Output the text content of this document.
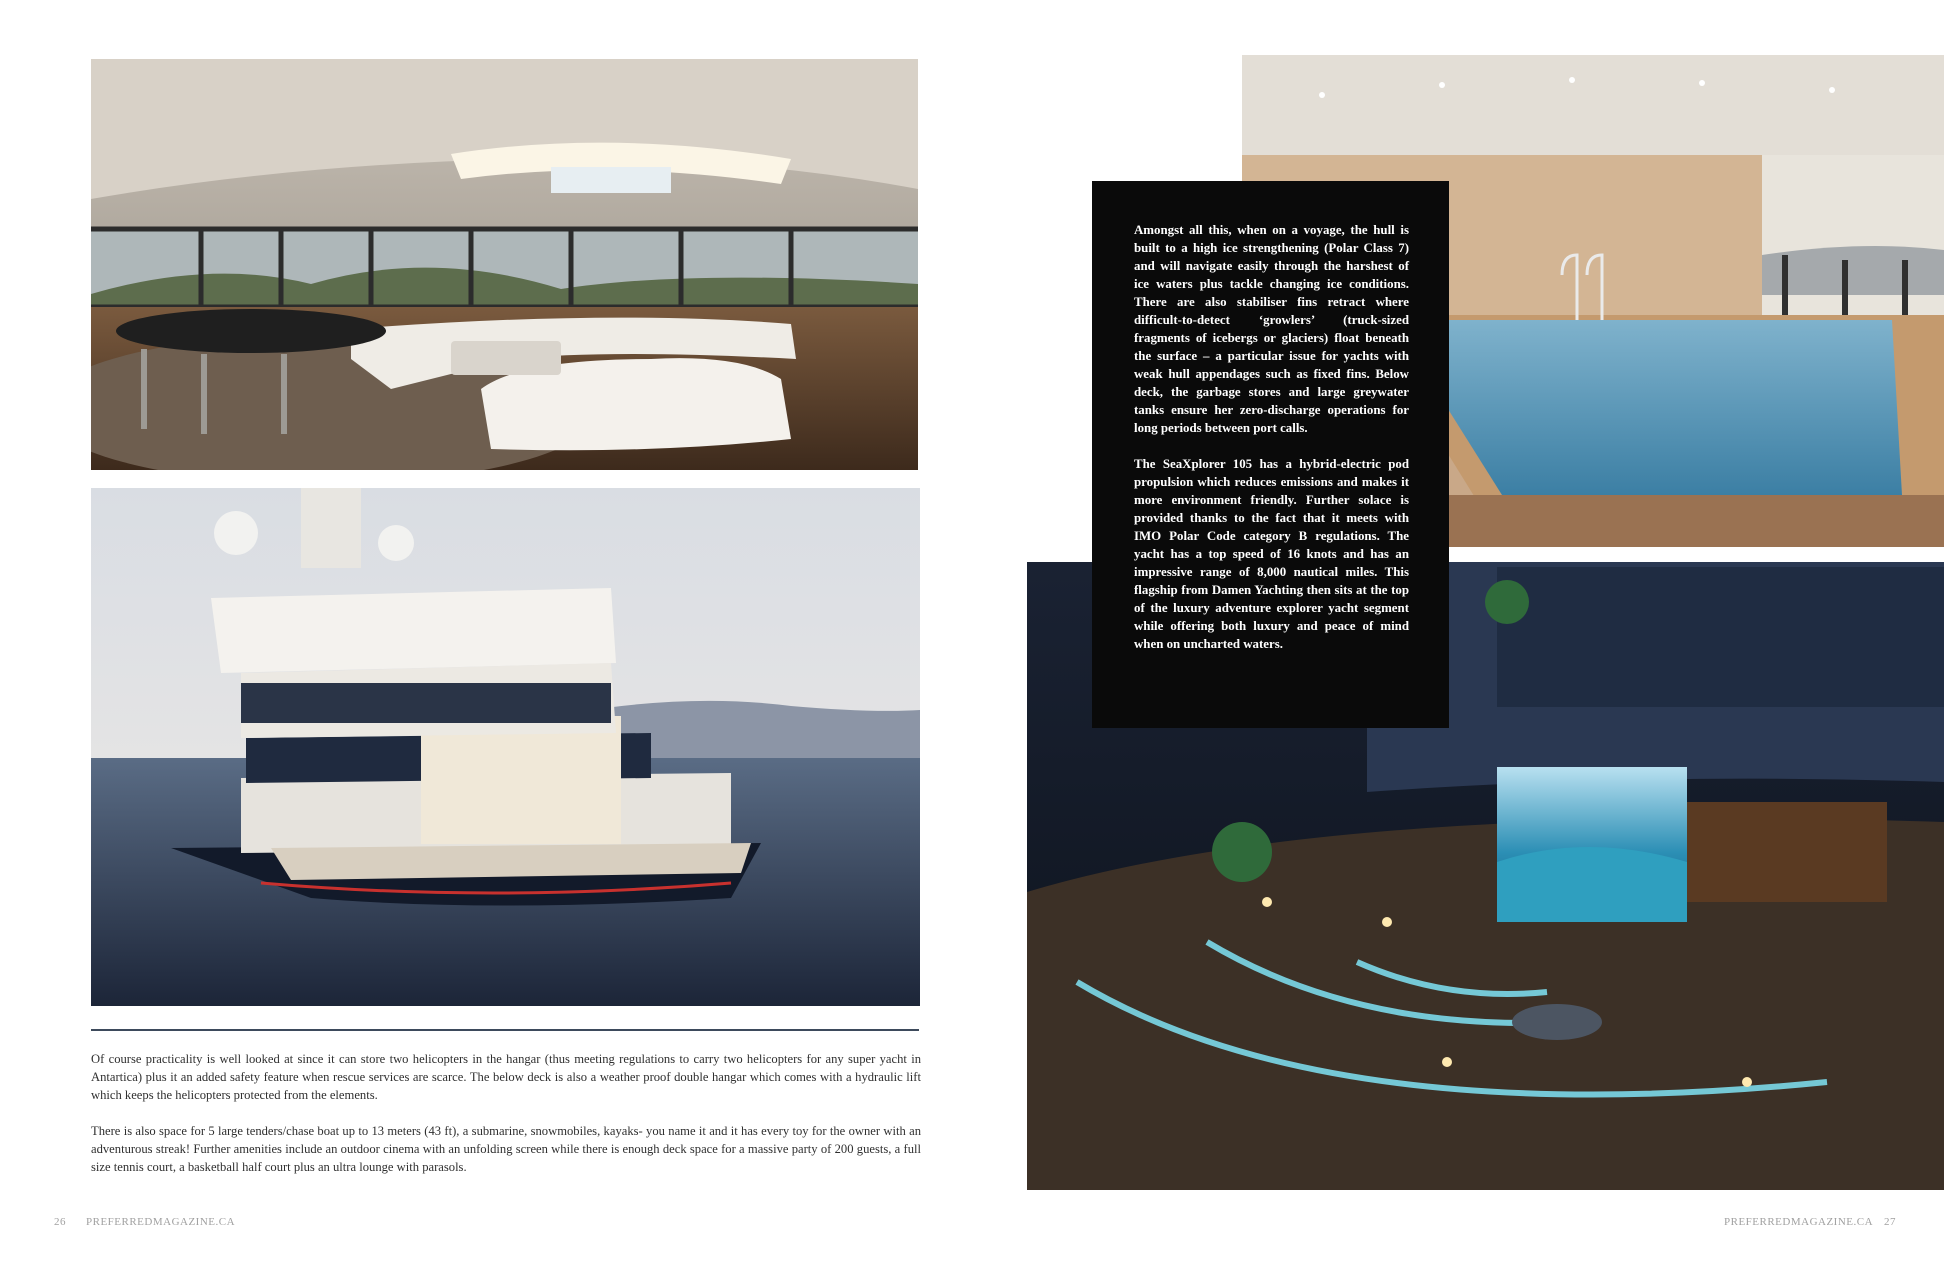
Amongst all this, when on a voyage, the hull is built to a high ice strengthening (Polar Class 7) and will navigate easily through the harshest of ice waters plus tackle changing ice conditions. There are also stabiliser fins retract where difficult-to-detect ‘growlers’ (truck-sized fragments of icebergs or glaciers) float beneath the surface – a particular issue for yachts with weak hull appendages such as fixed fins. Below deck, the garbage stores and large greywater tanks ensure her zero-discharge operations for long periods between port calls.

The SeaXplorer 105 has a hybrid-electric pod propulsion which reduces emissions and makes it more environment friendly. Further solace is provided thanks to the fact that it meets with IMO Polar Code category B regulations. The yacht has a top speed of 16 knots and has an impressive range of 8,000 nautical miles. This flagship from Damen Yachting then sits at the top of the luxury adventure explorer yacht segment while offering both luxury and peace of mind when on uncharted waters.

Of course practicality is well looked at since it can store two helicopters in the hangar (thus meeting regulations to carry two helicopters for any super yacht in Antartica) plus it an added safety feature when rescue services are scarce. The below deck is also a weather proof double hangar which comes with a hydraulic lift which keeps the helicopters protected from the elements.

There is also space for 5 large tenders/chase boat up to 13 meters (43 ft), a submarine, snowmobiles, kayaks- you name it and it has every toy for the owner with an adventurous streak! Further amenities include an outdoor cinema with an unfolding screen while there is enough deck space for a massive party of 200 guests, a full size tennis court, a basketball half court plus an ultra lounge with parasols.

26 PREFERREDMAGAZINE.CA	PREFERREDMAGAZINE.CA 27
